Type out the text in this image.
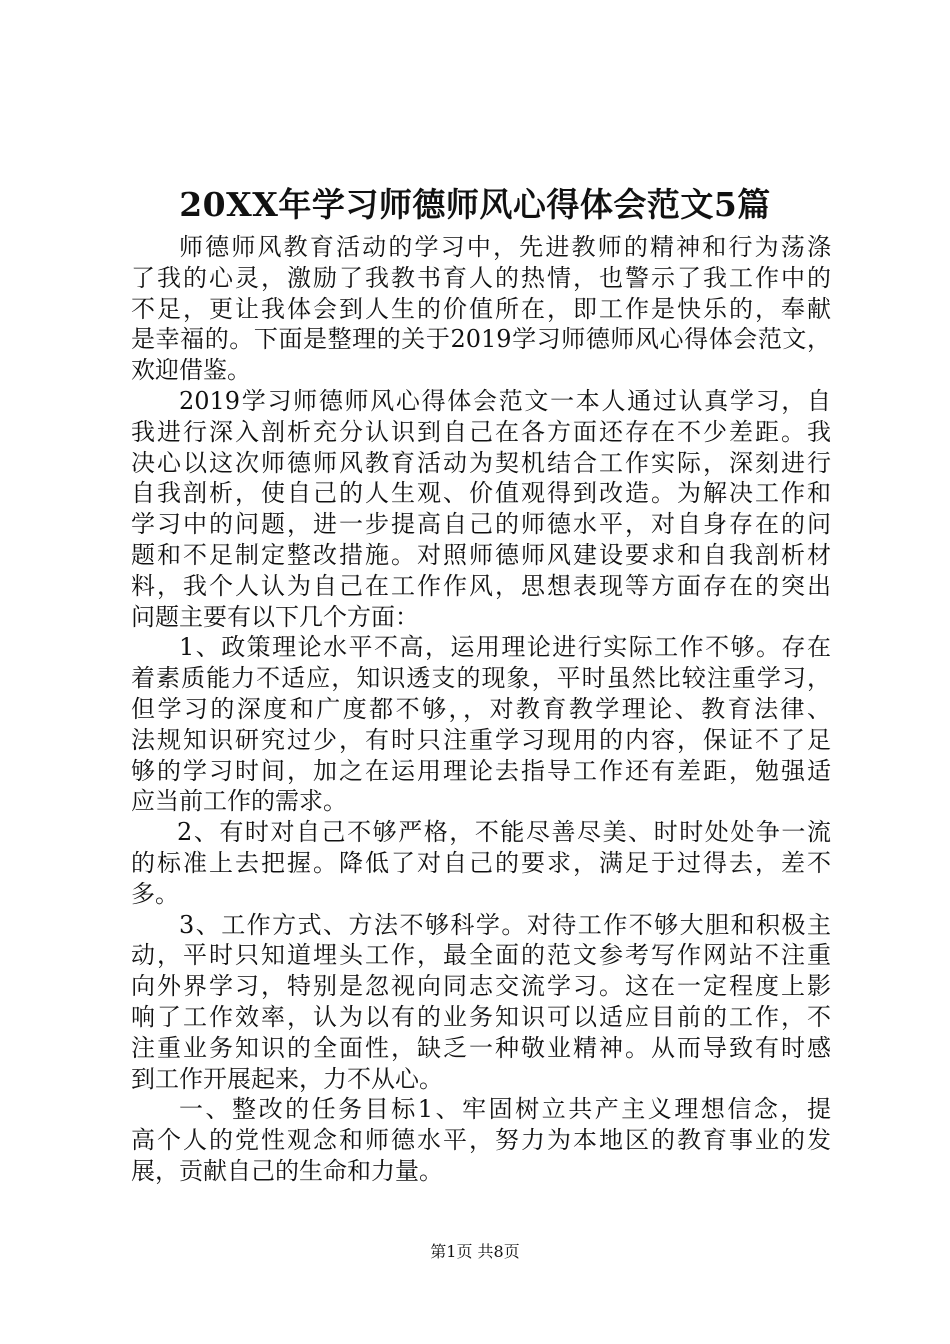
20XX年学习师德师风心得体会范文5篇
师德师风教育活动的学习中，先进教师的精神和行为荡涤
了我的心灵，激励了我教书育人的热情，也警示了我工作中的
不足，更让我体会到人生的价值所在，即工作是快乐的，奉献
是幸福的。下面是整理的关于2019学习师德师风心得体会范文，
欢迎借鉴。
2019学习师德师风心得体会范文一本人通过认真学习，自
我进行深入剖析充分认识到自己在各方面还存在不少差距。我
决心以这次师德师风教育活动为契机结合工作实际，深刻进行
自我剖析，使自己的人生观、价值观得到改造。为解决工作和
学习中的问题，进一步提高自己的师德水平，对自身存在的问
题和不足制定整改措施。对照师德师风建设要求和自我剖析材
料，我个人认为自己在工作作风，思想表现等方面存在的突出
问题主要有以下几个方面：
1、政策理论水平不高，运用理论进行实际工作不够。存在
着素质能力不适应，知识透支的现象，平时虽然比较注重学习，
但学习的深度和广度都不够，，对教育教学理论、教育法律、
法规知识研究过少，有时只注重学习现用的内容，保证不了足
够的学习时间，加之在运用理论去指导工作还有差距，勉强适
应当前工作的需求。
2、有时对自己不够严格，不能尽善尽美、时时处处争一流
的标准上去把握。降低了对自己的要求，满足于过得去，差不
多。
3、工作方式、方法不够科学。对待工作不够大胆和积极主
动，平时只知道埋头工作，最全面的范文参考写作网站不注重
向外界学习，特别是忽视向同志交流学习。这在一定程度上影
响了工作效率，认为以有的业务知识可以适应目前的工作，不
注重业务知识的全面性，缺乏一种敬业精神。从而导致有时感
到工作开展起来，力不从心。
一、整改的任务目标1、牢固树立共产主义理想信念，提
高个人的党性观念和师德水平，努力为本地区的教育事业的发
展，贡献自己的生命和力量。
第1页 共8页
